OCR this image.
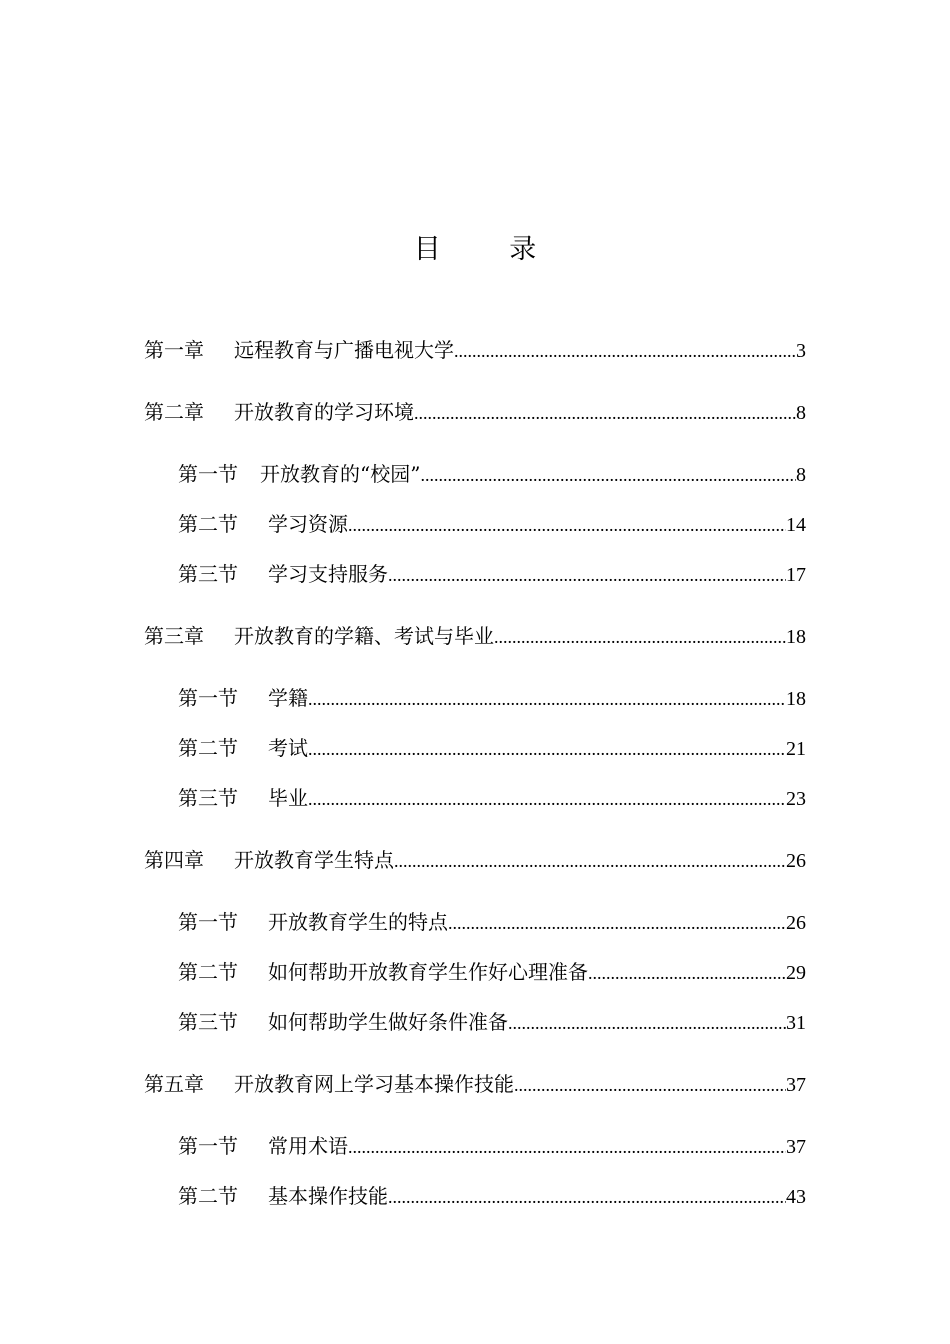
目 录
第一章	远程教育与广播电视大学 .....	3
第二章	开放教育的学习环境 .....	8
第一节	开放教育的“校园” .....	8
第二节	学习资源 .....	14
第三节	学习支持服务 .....	17
第三章	开放教育的学籍、考试与毕业 .....	18
第一节	学籍 .....	18
第二节	考试 .....	21
第三节	毕业 .....	23
第四章	开放教育学生特点 .....	26
第一节	开放教育学生的特点 .....	26
第二节	如何帮助开放教育学生作好心理准备 .....	29
第三节	如何帮助学生做好条件准备 .....	31
第五章	开放教育网上学习基本操作技能 .....	37
第一节	常用术语 .....	37
第二节	基本操作技能 .....	43
